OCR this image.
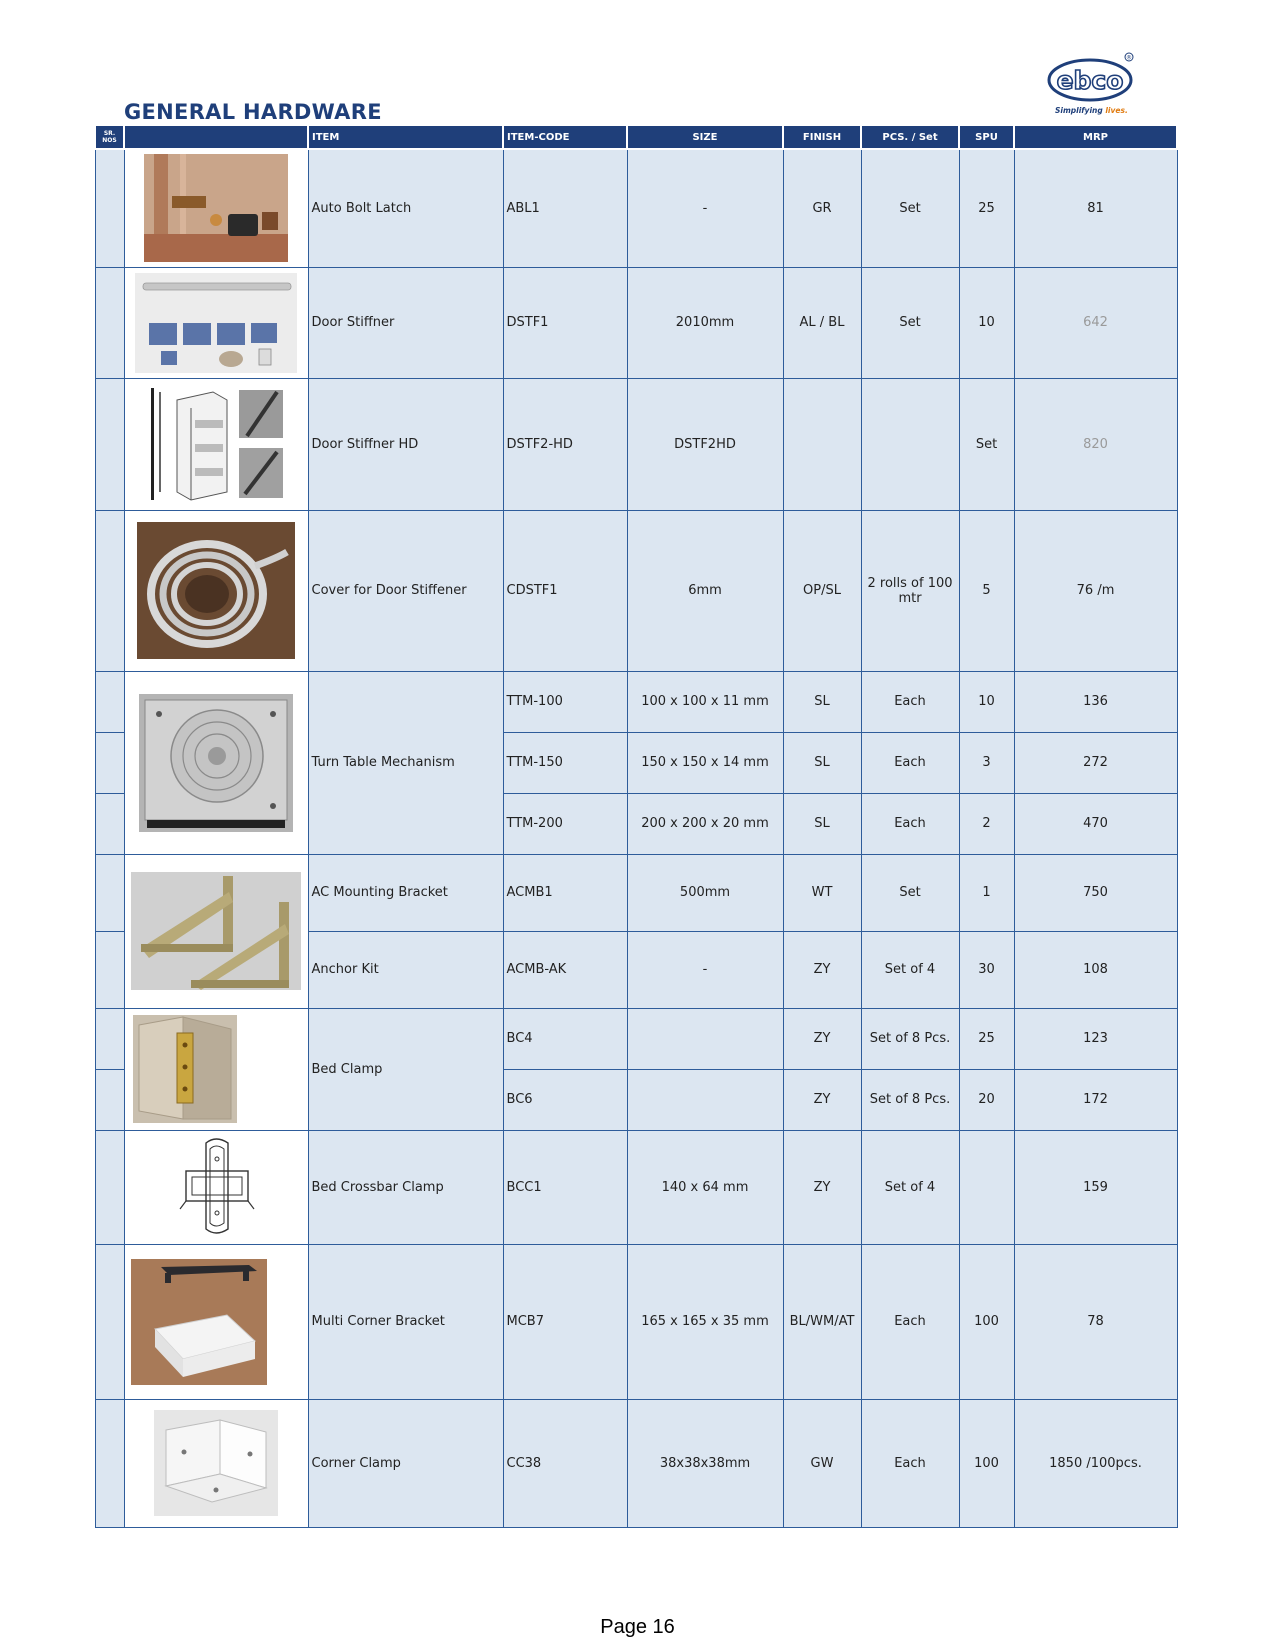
GENERAL HARDWARE
ebco
®
Simplifying lives.
SR. NOS		ITEM	ITEM-CODE	SIZE	FINISH	PCS. / Set	SPU	MRP

	Auto Bolt Latch	ABL1	-	GR	Set	25	81

	Door Stiffner	DSTF1	2010mm	AL / BL	Set	10	642

	Door Stiffner HD	DSTF2-HD	DSTF2HD			Set	820

	Cover for Door Stiffener	CDSTF1	6mm	OP/SL	2 rolls of 100 mtr	5	76 /m

	Turn Table Mechanism	TTM-100	100 x 100 x 11 mm	SL	Each	10	136
			TTM-150	150 x 150 x 14 mm	SL	Each	3	272
			TTM-200	200 x 200 x 20 mm	SL	Each	2	470

	AC Mounting Bracket	ACMB1	500mm	WT	Set	1	750
		Anchor Kit	ACMB-AK	-	ZY	Set of 4	30	108

	Bed Clamp	BC4		ZY	Set of 8 Pcs.	25	123
			BC6		ZY	Set of 8 Pcs.	20	172

	Bed Crossbar Clamp	BCC1	140 x 64 mm	ZY	Set of 4		159

	Multi Corner Bracket	MCB7	165 x 165 x 35 mm	BL/WM/AT	Each	100	78

	Corner Clamp	CC38	38x38x38mm	GW	Each	100	1850 /100pcs.
Page 16
